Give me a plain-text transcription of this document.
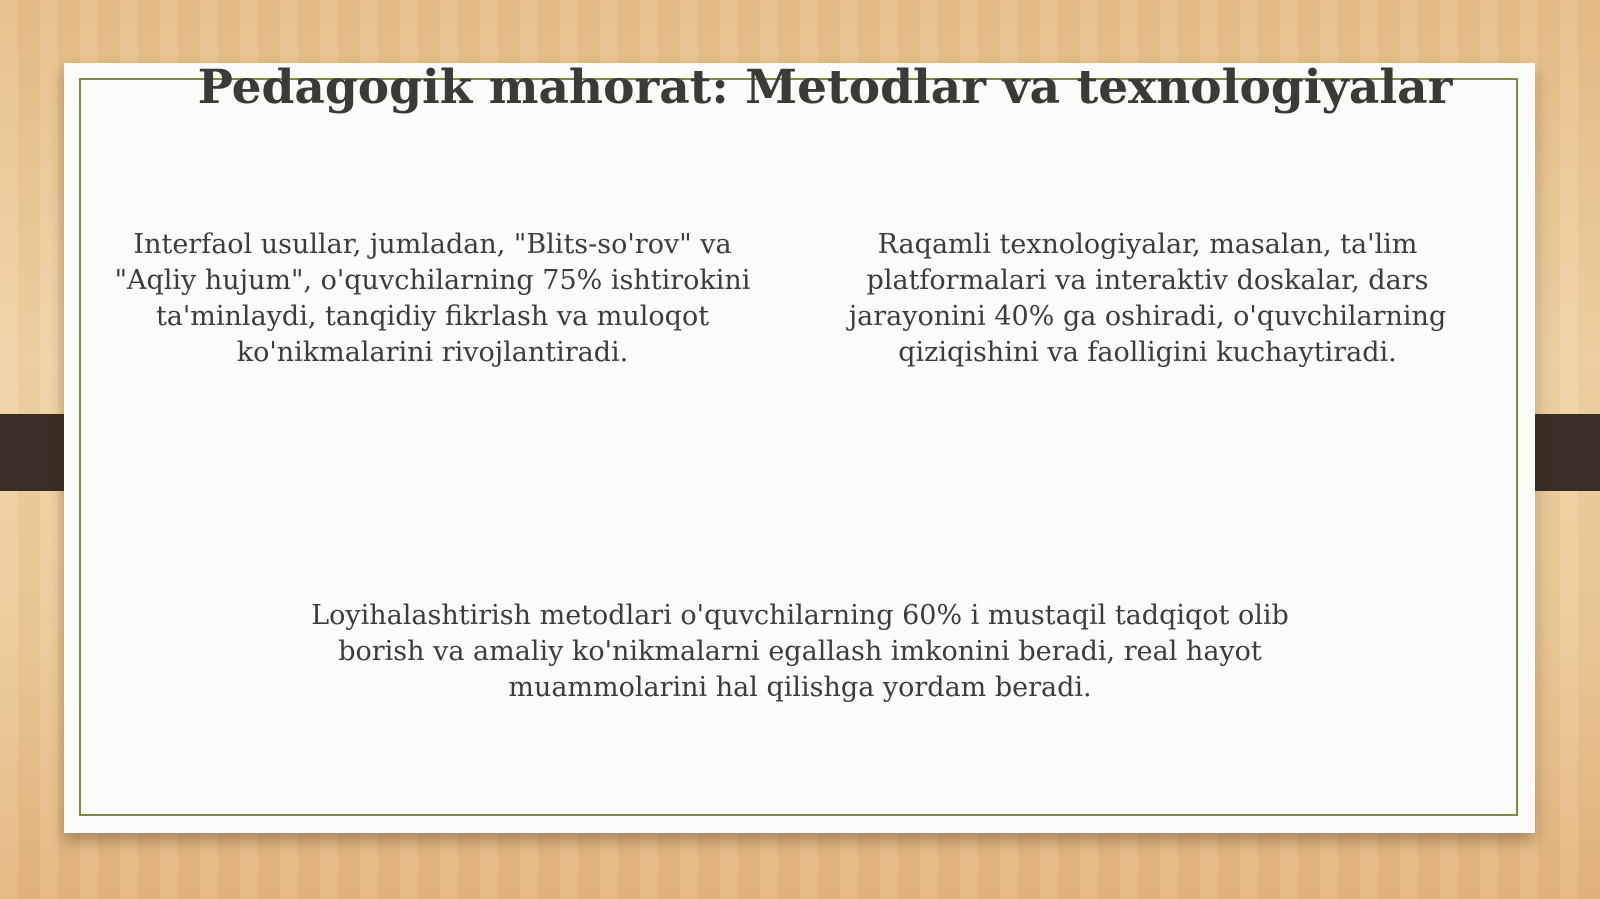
Pedagogik mahorat: Metodlar va texnologiyalar

Interfaol usullar, jumladan, "Blits-so'rov" va "Aqliy hujum", o'quvchilarning 75% ishtirokini ta'minlaydi, tanqidiy fikrlash va muloqot ko'nikmalarini rivojlantiradi.

Raqamli texnologiyalar, masalan, ta'lim platformalari va interaktiv doskalar, dars jarayonini 40% ga oshiradi, o'quvchilarning qiziqishini va faolligini kuchaytiradi.

Loyihalashtirish metodlari o'quvchilarning 60% i mustaqil tadqiqot olib borish va amaliy ko'nikmalarni egallash imkonini beradi, real hayot muammolarini hal qilishga yordam beradi.
